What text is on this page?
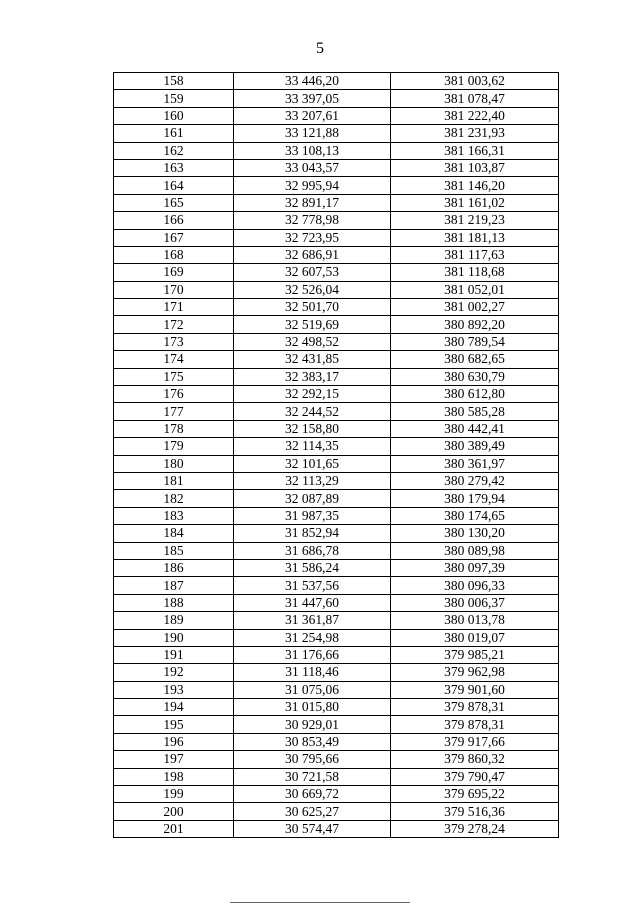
5
158	33 446,20	381 003,62
159	33 397,05	381 078,47
160	33 207,61	381 222,40
161	33 121,88	381 231,93
162	33 108,13	381 166,31
163	33 043,57	381 103,87
164	32 995,94	381 146,20
165	32 891,17	381 161,02
166	32 778,98	381 219,23
167	32 723,95	381 181,13
168	32 686,91	381 117,63
169	32 607,53	381 118,68
170	32 526,04	381 052,01
171	32 501,70	381 002,27
172	32 519,69	380 892,20
173	32 498,52	380 789,54
174	32 431,85	380 682,65
175	32 383,17	380 630,79
176	32 292,15	380 612,80
177	32 244,52	380 585,28
178	32 158,80	380 442,41
179	32 114,35	380 389,49
180	32 101,65	380 361,97
181	32 113,29	380 279,42
182	32 087,89	380 179,94
183	31 987,35	380 174,65
184	31 852,94	380 130,20
185	31 686,78	380 089,98
186	31 586,24	380 097,39
187	31 537,56	380 096,33
188	31 447,60	380 006,37
189	31 361,87	380 013,78
190	31 254,98	380 019,07
191	31 176,66	379 985,21
192	31 118,46	379 962,98
193	31 075,06	379 901,60
194	31 015,80	379 878,31
195	30 929,01	379 878,31
196	30 853,49	379 917,66
197	30 795,66	379 860,32
198	30 721,58	379 790,47
199	30 669,72	379 695,22
200	30 625,27	379 516,36
201	30 574,47	379 278,24
